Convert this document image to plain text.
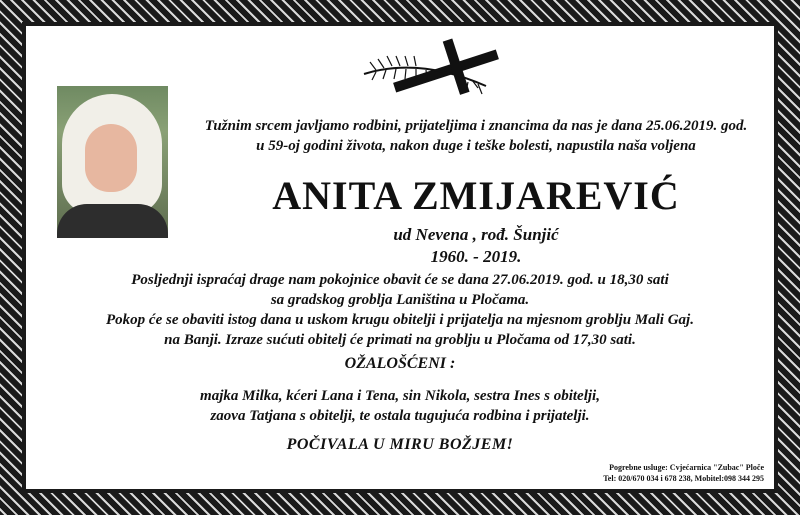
Tužnim srcem javljamo rodbini, prijateljima i znancima da nas je dana 25.06.2019. god.
u 59-oj godini života, nakon duge i teške bolesti, napustila naša voljena
ANITA ZMIJAREVIĆ
ud Nevena , rođ. Šunjić
1960. - 2019.
Posljednji ispraćaj drage nam pokojnice obavit će se dana 27.06.2019. god. u 18,30 sati
sa gradskog groblja Laniština u Pločama.
Pokop će se obaviti istog dana u uskom krugu obitelji i prijatelja na mjesnom groblju Mali Gaj.
na Banji. Izraze sućuti obitelj će primati na groblju u Pločama od 17,30 sati.
OŽALOŠĆENI :
majka Milka, kćeri Lana i Tena, sin Nikola, sestra Ines s obitelji,
zaova Tatjana s obitelji, te ostala tugujuća rodbina i prijatelji.
POČIVALA U MIRU BOŽJEM!
Pogrebne usluge: Cvjećarnica "Zubac" Ploče
Tel: 020/670 034 i 678 238, Mobitel:098 344 295
